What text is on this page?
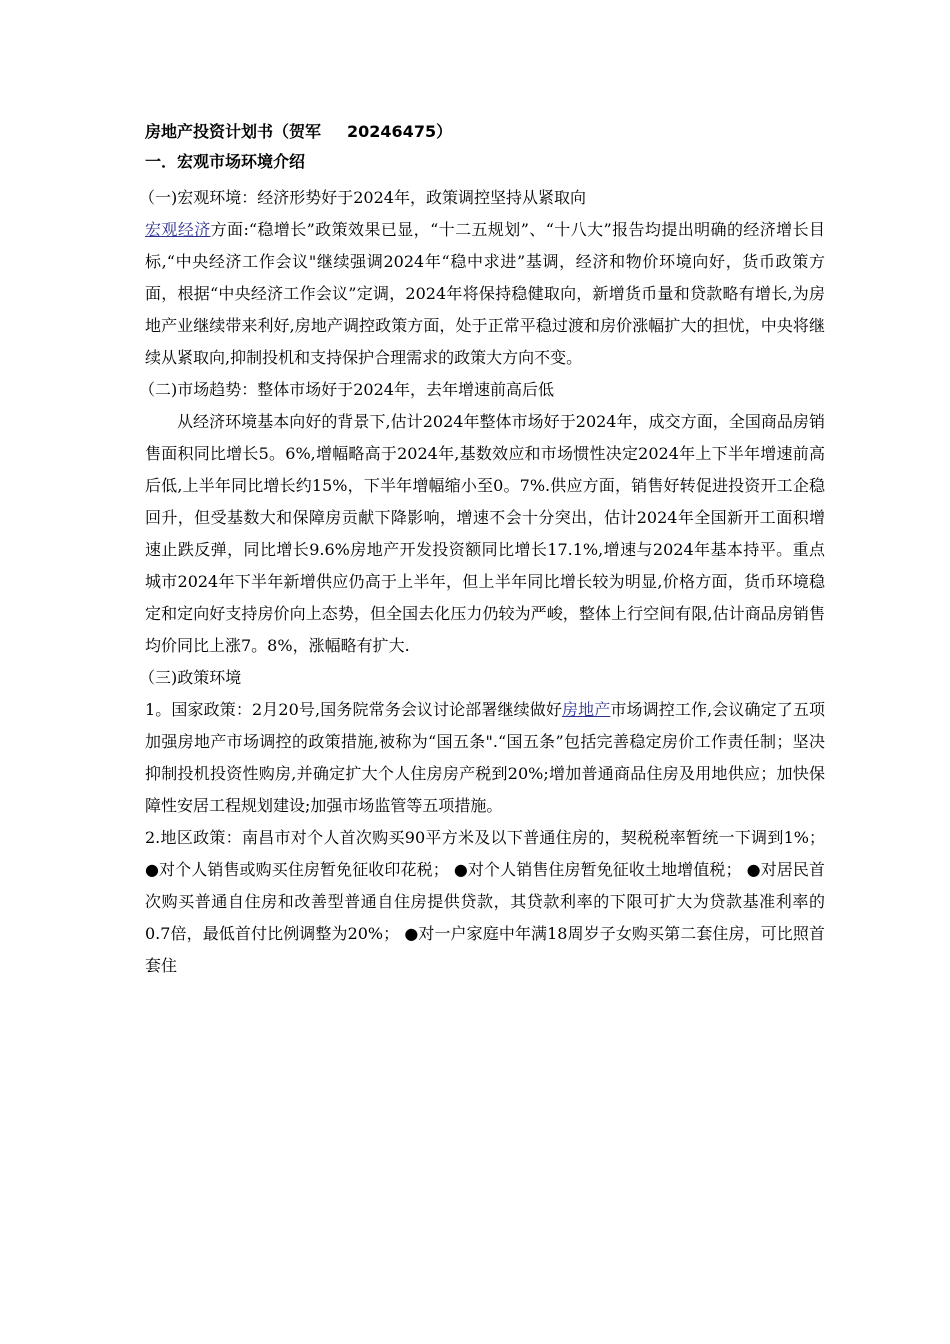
房地产投资计划书（贺军 20246475）
一．宏观市场环境介绍

（一)宏观环境：经济形势好于2024年，政策调控坚持从紧取向

宏观经济方面:“稳增长”政策效果已显，“十二五规划”、“十八大”报告均提出明确的经济增长目标,“中央经济工作会议"继续强调2024年“稳中求进”基调，经济和物价环境向好，货币政策方面，根据“中央经济工作会议”定调，2024年将保持稳健取向，新增货币量和贷款略有增长,为房地产业继续带来利好,房地产调控政策方面，处于正常平稳过渡和房价涨幅扩大的担忧，中央将继续从紧取向,抑制投机和支持保护合理需求的政策大方向不变。

（二)市场趋势：整体市场好于2024年，去年增速前高后低

从经济环境基本向好的背景下,估计2024年整体市场好于2024年，成交方面，全国商品房销售面积同比增长5。6%,增幅略高于2024年,基数效应和市场惯性决定2024年上下半年增速前高后低,上半年同比增长约15%，下半年增幅缩小至0。7%.供应方面，销售好转促进投资开工企稳回升，但受基数大和保障房贡献下降影响，增速不会十分突出，估计2024年全国新开工面积增速止跌反弹，同比增长9.6%房地产开发投资额同比增长17.1%,增速与2024年基本持平。重点城市2024年下半年新增供应仍高于上半年，但上半年同比增长较为明显,价格方面，货币环境稳定和定向好支持房价向上态势，但全国去化压力仍较为严峻，整体上行空间有限,估计商品房销售均价同比上涨7。8%，涨幅略有扩大.

（三)政策环境

1。国家政策：2月20号,国务院常务会议讨论部署继续做好房地产市场调控工作,会议确定了五项加强房地产市场调控的政策措施,被称为“国五条".“国五条”包括完善稳定房价工作责任制；坚决抑制投机投资性购房,并确定扩大个人住房房产税到20%;增加普通商品住房及用地供应；加快保障性安居工程规划建设;加强市场监管等五项措施。

2.地区政策：南昌市对个人首次购买90平方米及以下普通住房的，契税税率暂统一下调到1%； ●对个人销售或购买住房暂免征收印花税； ●对个人销售住房暂免征收土地增值税； ●对居民首次购买普通自住房和改善型普通自住房提供贷款，其贷款利率的下限可扩大为贷款基准利率的0.7倍，最低首付比例调整为20%； ●对一户家庭中年满18周岁子女购买第二套住房，可比照首套住
